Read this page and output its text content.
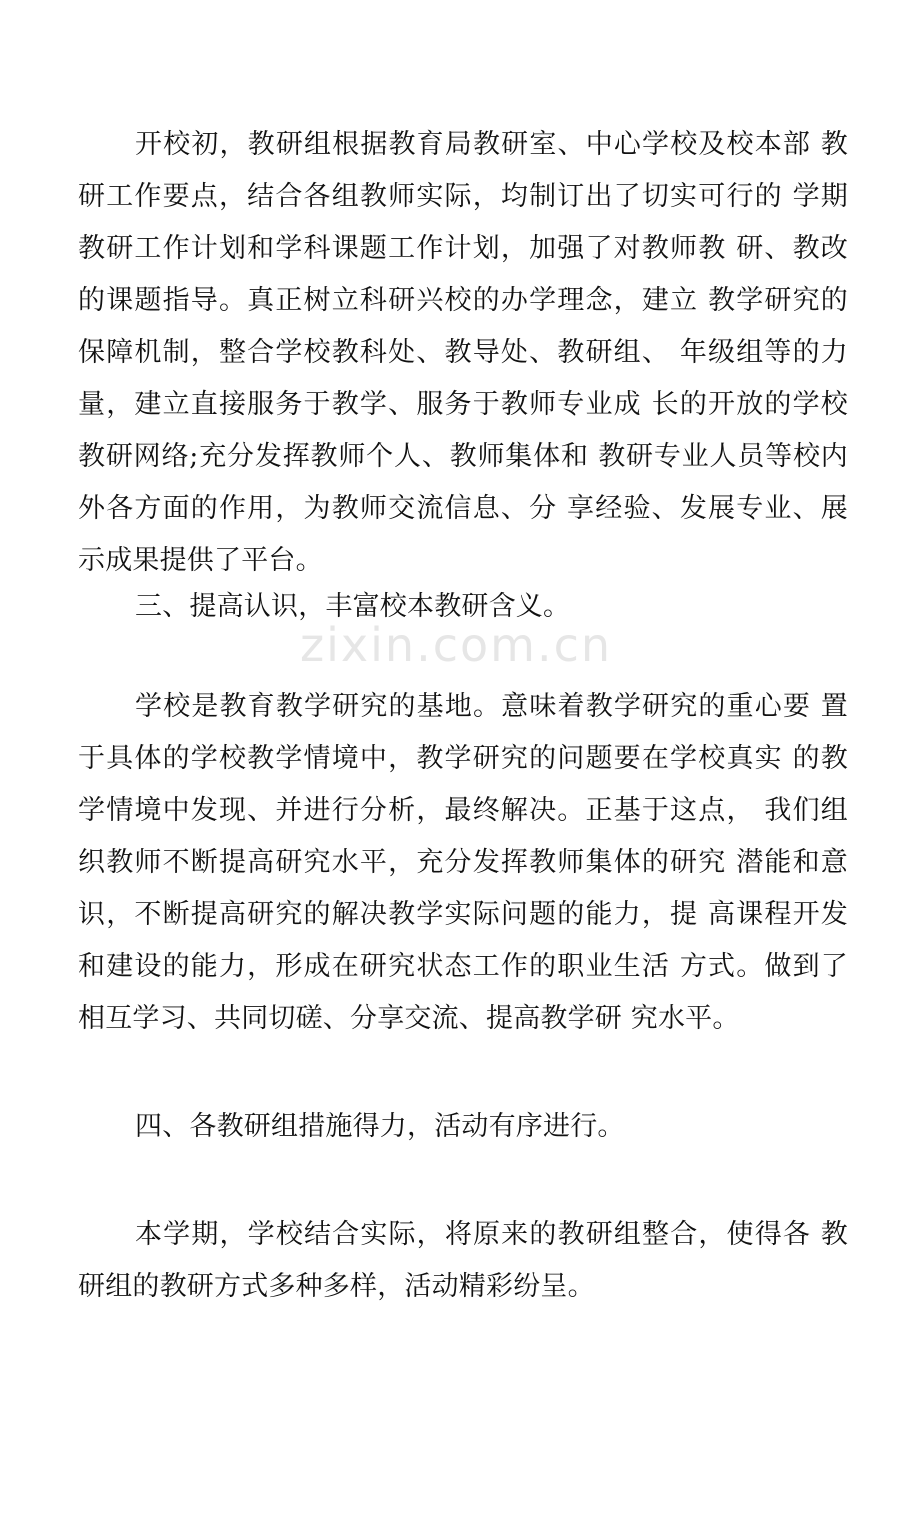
zixin.com.cn

开校初，教研组根据教育局教研室、中心学校及校本部 教研工作要点，结合各组教师实际，均制订出了切实可行的 学期教研工作计划和学科课题工作计划，加强了对教师教 研、教改的课题指导。真正树立科研兴校的办学理念，建立 教学研究的保障机制，整合学校教科处、教导处、教研组、 年级组等的力量，建立直接服务于教学、服务于教师专业成 长的开放的学校教研网络;充分发挥教师个人、教师集体和 教研专业人员等校内外各方面的作用，为教师交流信息、分 享经验、发展专业、展示成果提供了平台。

三、提高认识，丰富校本教研含义。

学校是教育教学研究的基地。意味着教学研究的重心要 置于具体的学校教学情境中，教学研究的问题要在学校真实 的教学情境中发现、并进行分析，最终解决。正基于这点， 我们组织教师不断提高研究水平，充分发挥教师集体的研究 潜能和意识，不断提高研究的解决教学实际问题的能力，提 高课程开发和建设的能力，形成在研究状态工作的职业生活 方式。做到了相互学习、共同切磋、分享交流、提高教学研 究水平。

四、各教研组措施得力，活动有序进行。

本学期，学校结合实际，将原来的教研组整合，使得各 教研组的教研方式多种多样，活动精彩纷呈。
